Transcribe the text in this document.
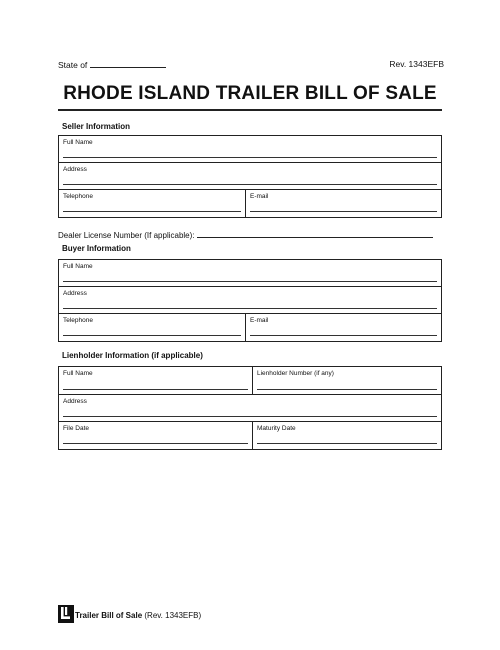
State of	Rev. 1343EFB
RHODE ISLAND TRAILER BILL OF SALE
Seller Information
Full Name
Address
Telephone	E-mail
Dealer License Number (If applicable):
Buyer Information
Full Name
Address
Telephone	E-mail
Lienholder Information (if applicable)
Full Name	Lienholder Number (if any)
Address
File Date	Maturity Date
Trailer Bill of Sale (Rev. 1343EFB)
